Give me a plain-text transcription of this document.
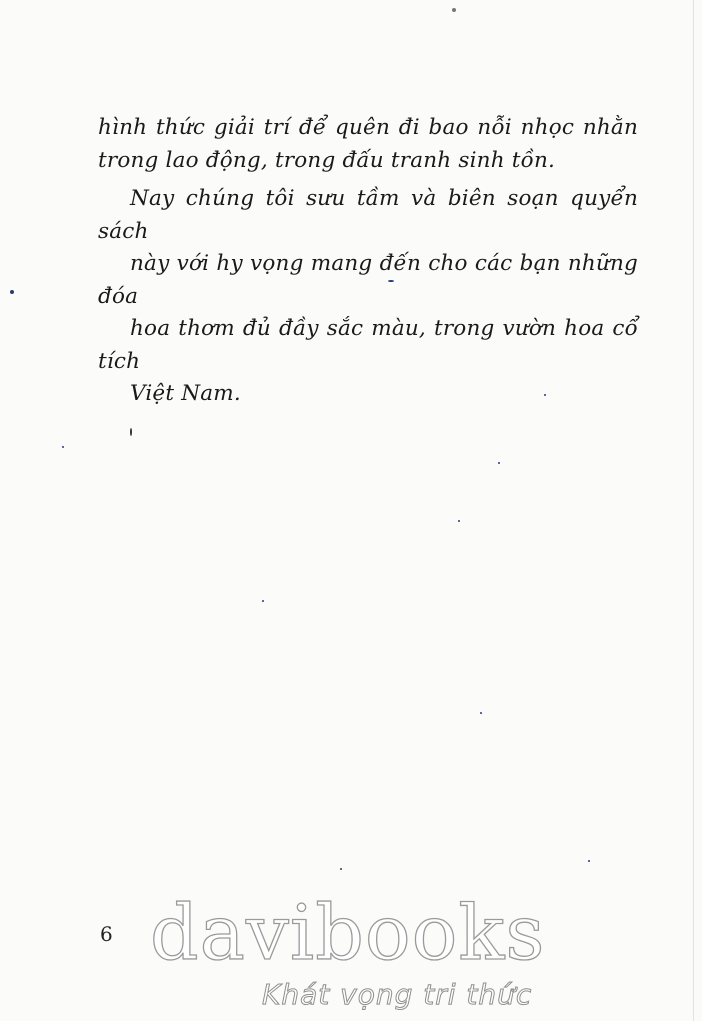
hình thức giải trí để quên đi bao nỗi nhọc nhằn
trong lao động, trong đấu tranh sinh tồn.

Nay chúng tôi sưu tầm và biên soạn quyển sách
này với hy vọng mang đến cho các bạn những đóa
hoa thơm đủ đầy sắc màu, trong vườn hoa cổ tích
Việt Nam.

6 davibooks
Khát vọng tri thức
